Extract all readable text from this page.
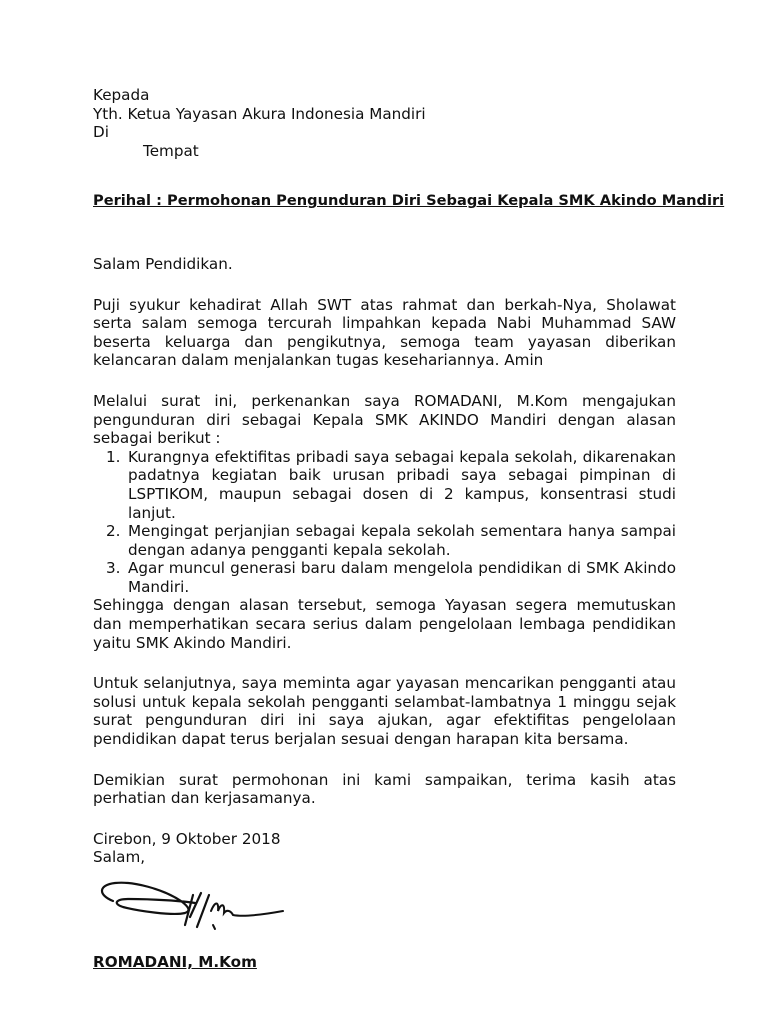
Kepada
Yth. Ketua Yayasan Akura Indonesia Mandiri
Di
Tempat
Perihal : Permohonan Pengunduran Diri Sebagai Kepala SMK Akindo Mandiri
Salam Pendidikan.

Puji syukur kehadirat Allah SWT atas rahmat dan berkah-Nya, Sholawat serta salam semoga tercurah limpahkan kepada Nabi Muhammad SAW beserta keluarga dan pengikutnya, semoga team yayasan diberikan kelancaran dalam menjalankan tugas kesehariannya. Amin

Melalui surat ini, perkenankan saya ROMADANI, M.Kom mengajukan pengunduran diri sebagai Kepala SMK AKINDO Mandiri dengan alasan sebagai berikut :

1. Kurangnya efektifitas pribadi saya sebagai kepala sekolah, dikarenakan padatnya kegiatan baik urusan pribadi saya sebagai pimpinan di LSPTIKOM, maupun sebagai dosen di 2 kampus, konsentrasi studi lanjut.
2. Mengingat perjanjian sebagai kepala sekolah sementara hanya sampai dengan adanya pengganti kepala sekolah.
3. Agar muncul generasi baru dalam mengelola pendidikan di SMK Akindo Mandiri.

Sehingga dengan alasan tersebut, semoga Yayasan segera memutuskan dan memperhatikan secara serius dalam pengelolaan lembaga pendidikan yaitu SMK Akindo Mandiri.

Untuk selanjutnya, saya meminta agar yayasan mencarikan pengganti atau solusi untuk kepala sekolah pengganti selambat-lambatnya 1 minggu sejak surat pengunduran diri ini saya ajukan, agar efektifitas pengelolaan pendidikan dapat terus berjalan sesuai dengan harapan kita bersama.

Demikian surat permohonan ini kami sampaikan, terima kasih atas perhatian dan kerjasamanya.

Cirebon, 9 Oktober 2018
Salam,
ROMADANI, M.Kom
